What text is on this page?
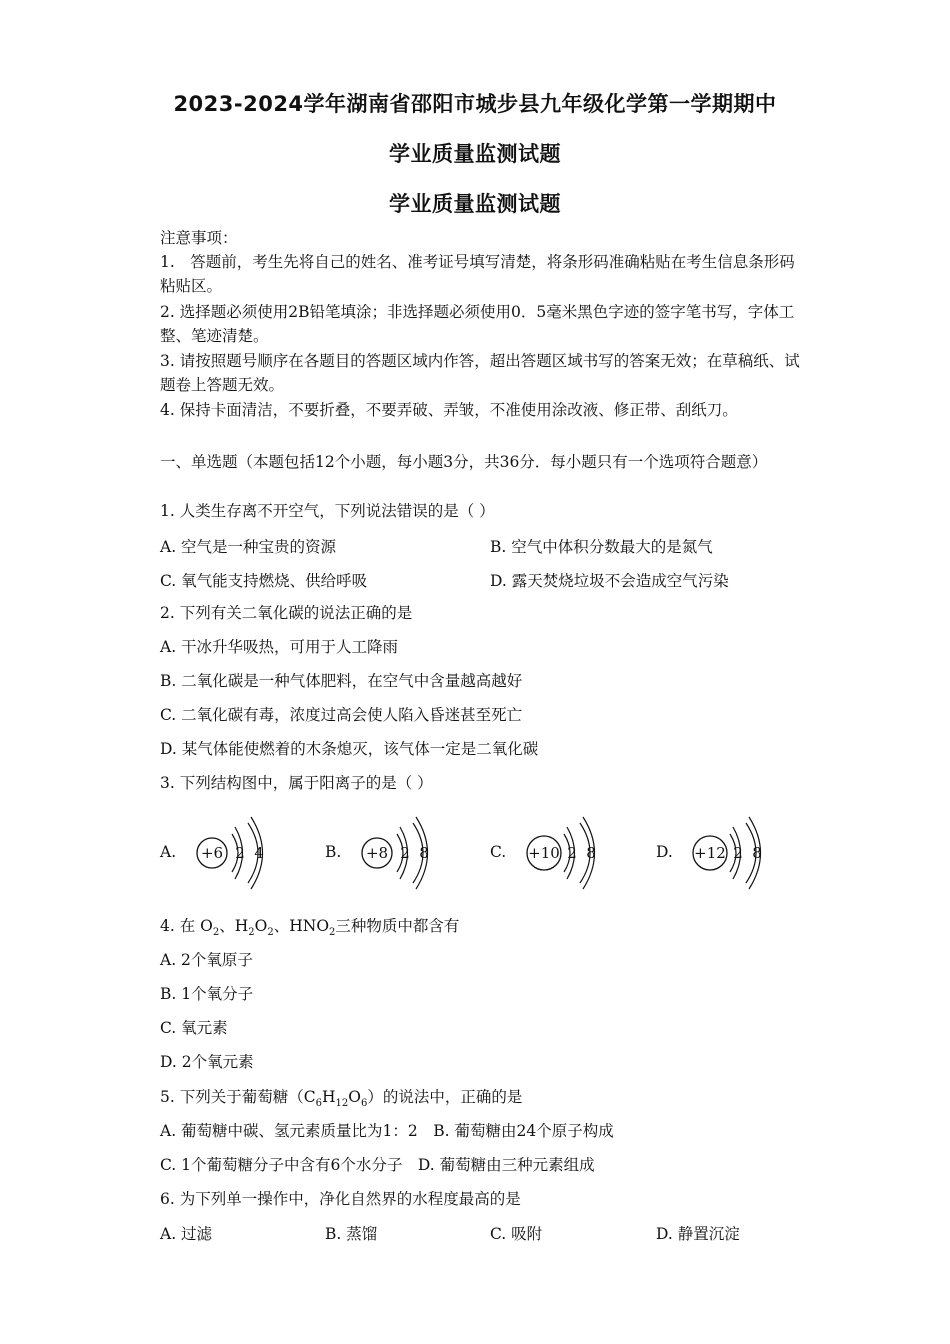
2023-2024学年湖南省邵阳市城步县九年级化学第一学期期中
学业质量监测试题
学业质量监测试题
注意事项：
1.　答题前，考生先将自己的姓名、准考证号填写清楚，将条形码准确粘贴在考生信息条形码粘贴区。
2. 选择题必须使用2B铅笔填涂；非选择题必须使用0．5毫米黑色字迹的签字笔书写，字体工整、笔迹清楚。
3. 请按照题号顺序在各题目的答题区域内作答，超出答题区域书写的答案无效；在草稿纸、试题卷上答题无效。
4. 保持卡面清洁，不要折叠，不要弄破、弄皱，不准使用涂改液、修正带、刮纸刀。
一、单选题（本题包括12个小题，每小题3分，共36分．每小题只有一个选项符合题意）
1. 人类生存离不开空气，下列说法错误的是（ ）
A. 空气是一种宝贵的资源	B. 空气中体积分数最大的是氮气
C. 氧气能支持燃烧、供给呼吸	D. 露天焚烧垃圾不会造成空气污染
2. 下列有关二氧化碳的说法正确的是
A. 干冰升华吸热，可用于人工降雨
B. 二氧化碳是一种气体肥料，在空气中含量越高越好
C. 二氧化碳有毒，浓度过高会使人陷入昏迷甚至死亡
D. 某气体能使燃着的木条熄灭，该气体一定是二氧化碳
3. 下列结构图中，属于阳离子的是（ ）
A. +6 2 4	B. +8 2 8	C. +10 2 8	D. +12 2 8
4. 在 $O_2$、$H_2O_2$、$HNO_2$三种物质中都含有
A. 2个氧原子
B. 1个氧分子
C. 氧元素
D. 2个氧元素
5. 下列关于葡萄糖$(C_6H_{12}O_6)$的说法中，正确的是
A. 葡萄糖中碳、氢元素质量比为1：2　B. 葡萄糖由24个原子构成
C. 1个葡萄糖分子中含有6个水分子　D. 葡萄糖由三种元素组成
6. 为下列单一操作中，净化自然界的水程度最高的是
A. 过滤	B. 蒸馏	C. 吸附	D. 静置沉淀
